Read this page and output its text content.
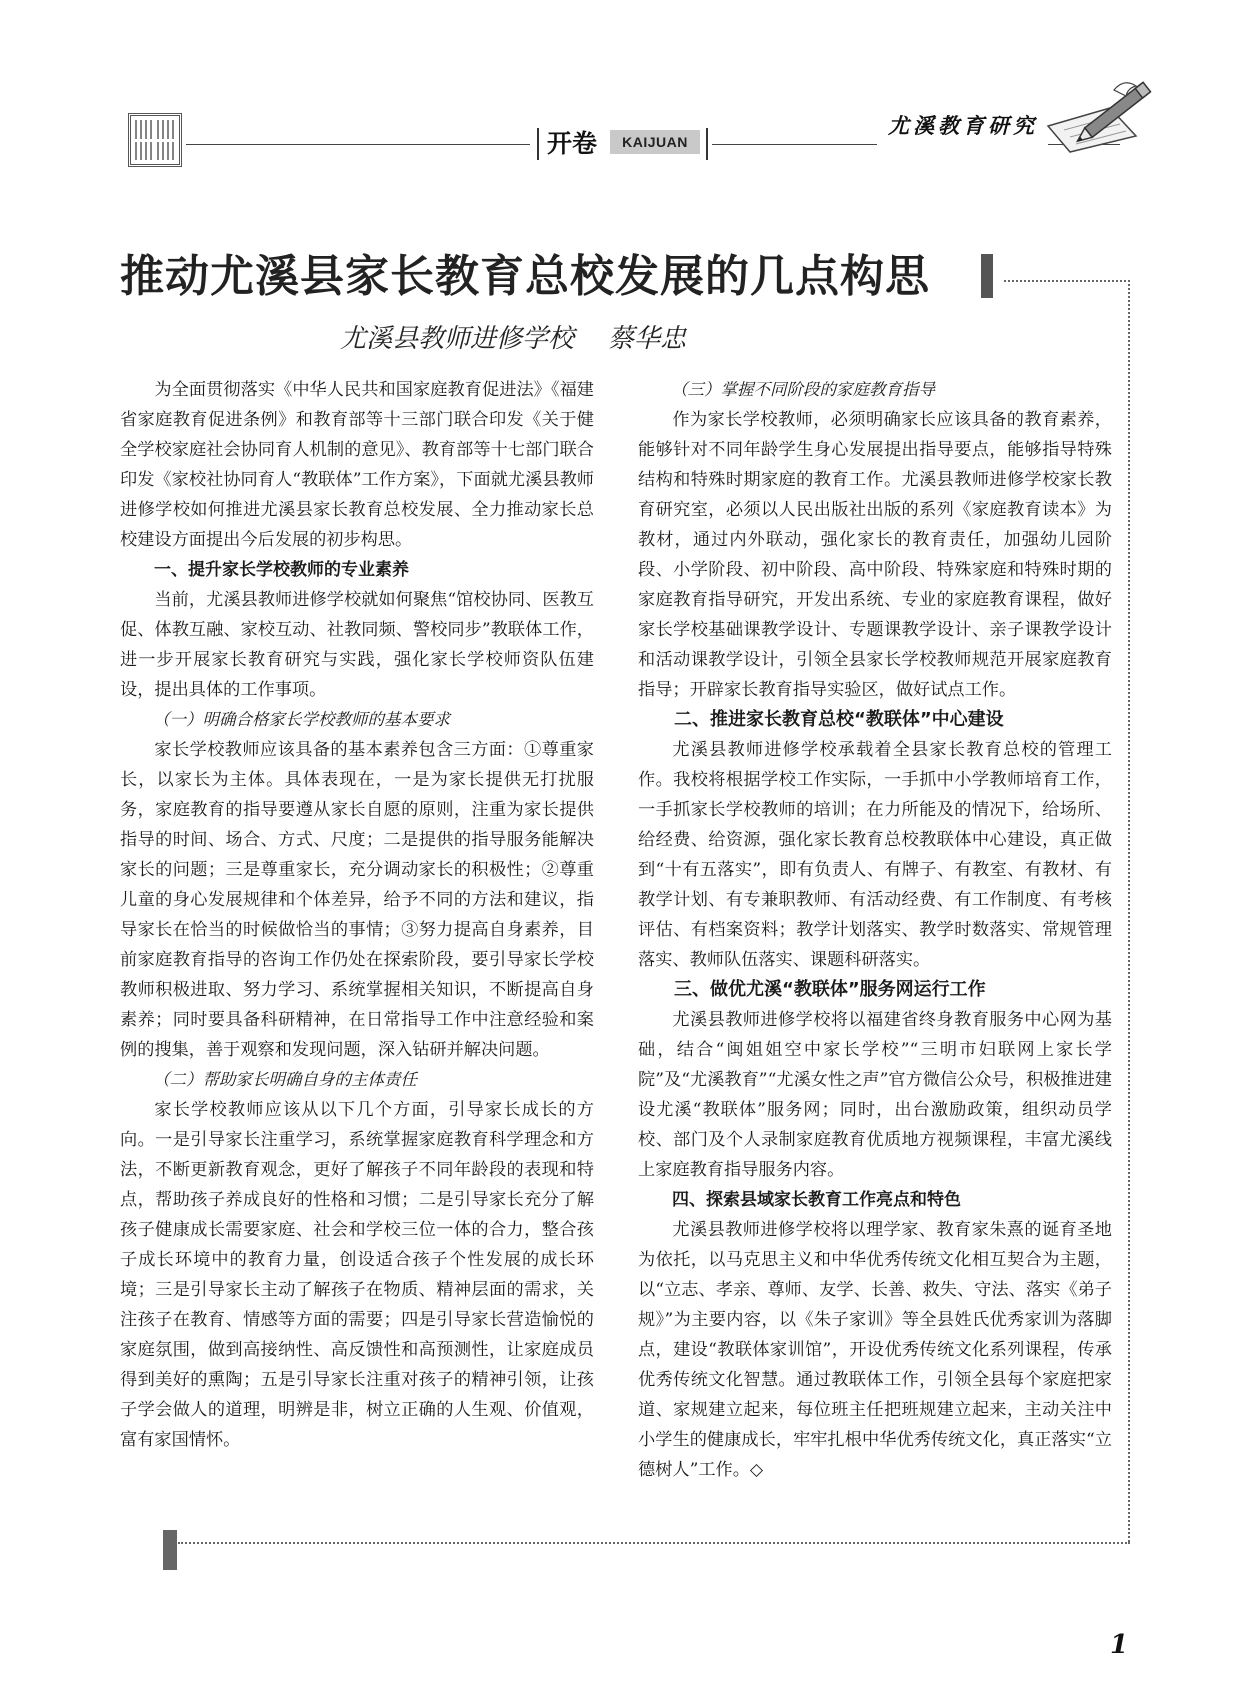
开卷	KAIJUAN
尤溪教育研究
推动尤溪县家长教育总校发展的几点构思
尤溪县教师进修学校 蔡华忠

为全面贯彻落实《中华人民共和国家庭教育促进法》《福建省家庭教育促进条例》和教育部等十三部门联合印发《关于健全学校家庭社会协同育人机制的意见》、教育部等十七部门联合印发《家校社协同育人“教联体”工作方案》，下面就尤溪县教师进修学校如何推进尤溪县家长教育总校发展、全力推动家长总校建设方面提出今后发展的初步构思。

一、提升家长学校教师的专业素养

当前，尤溪县教师进修学校就如何聚焦“馆校协同、医教互促、体教互融、家校互动、社教同频、警校同步”教联体工作，进一步开展家长教育研究与实践，强化家长学校师资队伍建设，提出具体的工作事项。

（一）明确合格家长学校教师的基本要求

家长学校教师应该具备的基本素养包含三方面：①尊重家长，以家长为主体。具体表现在，一是为家长提供无打扰服务，家庭教育的指导要遵从家长自愿的原则，注重为家长提供指导的时间、场合、方式、尺度；二是提供的指导服务能解决家长的问题；三是尊重家长，充分调动家长的积极性；②尊重儿童的身心发展规律和个体差异，给予不同的方法和建议，指导家长在恰当的时候做恰当的事情；③努力提高自身素养，目前家庭教育指导的咨询工作仍处在探索阶段，要引导家长学校教师积极进取、努力学习、系统掌握相关知识，不断提高自身素养；同时要具备科研精神，在日常指导工作中注意经验和案例的搜集，善于观察和发现问题，深入钻研并解决问题。

（二）帮助家长明确自身的主体责任

家长学校教师应该从以下几个方面，引导家长成长的方向。一是引导家长注重学习，系统掌握家庭教育科学理念和方法，不断更新教育观念，更好了解孩子不同年龄段的表现和特点，帮助孩子养成良好的性格和习惯；二是引导家长充分了解孩子健康成长需要家庭、社会和学校三位一体的合力，整合孩子成长环境中的教育力量，创设适合孩子个性发展的成长环境；三是引导家长主动了解孩子在物质、精神层面的需求，关注孩子在教育、情感等方面的需要；四是引导家长营造愉悦的家庭氛围，做到高接纳性、高反馈性和高预测性，让家庭成员得到美好的熏陶；五是引导家长注重对孩子的精神引领，让孩子学会做人的道理，明辨是非，树立正确的人生观、价值观，富有家国情怀。

（三）掌握不同阶段的家庭教育指导

作为家长学校教师，必须明确家长应该具备的教育素养，能够针对不同年龄学生身心发展提出指导要点，能够指导特殊结构和特殊时期家庭的教育工作。尤溪县教师进修学校家长教育研究室，必须以人民出版社出版的系列《家庭教育读本》为教材，通过内外联动，强化家长的教育责任，加强幼儿园阶段、小学阶段、初中阶段、高中阶段、特殊家庭和特殊时期的家庭教育指导研究，开发出系统、专业的家庭教育课程，做好家长学校基础课教学设计、专题课教学设计、亲子课教学设计和活动课教学设计，引领全县家长学校教师规范开展家庭教育指导；开辟家长教育指导实验区，做好试点工作。

二、推进家长教育总校“教联体”中心建设

尤溪县教师进修学校承载着全县家长教育总校的管理工作。我校将根据学校工作实际，一手抓中小学教师培育工作，一手抓家长学校教师的培训；在力所能及的情况下，给场所、给经费、给资源，强化家长教育总校教联体中心建设，真正做到“十有五落实”，即有负责人、有牌子、有教室、有教材、有教学计划、有专兼职教师、有活动经费、有工作制度、有考核评估、有档案资料；教学计划落实、教学时数落实、常规管理落实、教师队伍落实、课题科研落实。

三、做优尤溪“教联体”服务网运行工作

尤溪县教师进修学校将以福建省终身教育服务中心网为基础，结合“闽姐姐空中家长学校”“三明市妇联网上家长学院”及“尤溪教育”“尤溪女性之声”官方微信公众号，积极推进建设尤溪“教联体”服务网；同时，出台激励政策，组织动员学校、部门及个人录制家庭教育优质地方视频课程，丰富尤溪线上家庭教育指导服务内容。

四、探索县域家长教育工作亮点和特色

尤溪县教师进修学校将以理学家、教育家朱熹的诞育圣地为依托，以马克思主义和中华优秀传统文化相互契合为主题，以“立志、孝亲、尊师、友学、长善、救失、守法、落实《弟子规》”为主要内容，以《朱子家训》等全县姓氏优秀家训为落脚点，建设“教联体家训馆”，开设优秀传统文化系列课程，传承优秀传统文化智慧。通过教联体工作，引领全县每个家庭把家道、家规建立起来，每位班主任把班规建立起来，主动关注中小学生的健康成长，牢牢扎根中华优秀传统文化，真正落实“立德树人”工作。◇

1
